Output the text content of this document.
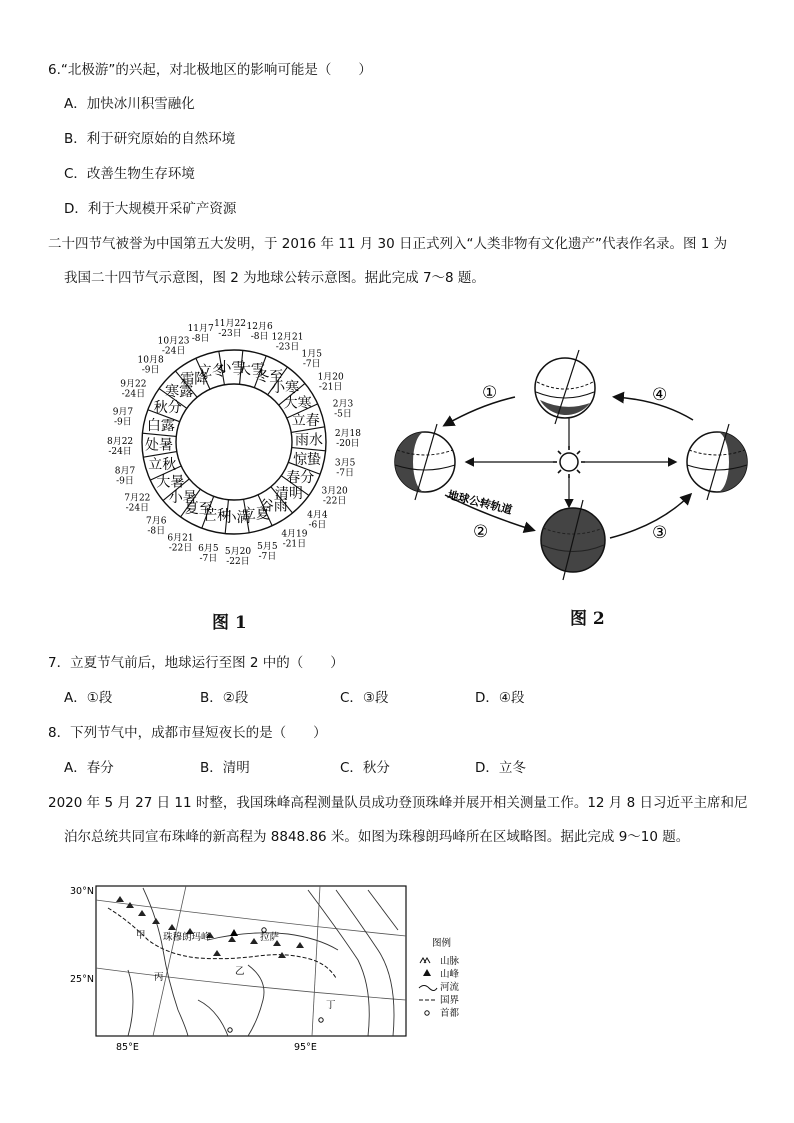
6.“北极游”的兴起，对北极地区的影响可能是（　　）
A．加快冰川积雪融化
B．利于研究原始的自然环境
C．改善生物生存环境
D．利于大规模开采矿产资源
二十四节气被誉为中国第五大发明，于 2016 年 11 月 30 日正式列入“人类非物有文化遗产”代表作名录。图 1 为
我国二十四节气示意图，图 2 为地球公转示意图。据此完成 7～8 题。
立春
2月3 -5日
雨水 2月18 -20日
惊蛰 3月5 -7日
春分
3月20 -22日
清明
4月4 -6日
谷雨
4月19 -21日
立夏
5月5 -7日
小满
5月20 -22日
芒种
6月5 -7日
夏至
6月21 -22日
小暑
7月6 -8日
大暑
7月22 -24日
立秋
8月7 -9日
处暑
8月22 -24日
白露
9月7 -9日
秋分
9月22 -24日 寒露
10月8 -9日
霜降
10月23 -24日
立冬
11月7 -8日
小雪
11月22 -23日
大雪
12月6 -8日
冬至
12月21 -23日
小寒
1月5 -7日
大寒
1月20 -21日
图 1
地球公转轨道
①
②	③
④
图 2
7．立夏节气前后，地球运行至图 2 中的（　　）
A．①段	B．②段	C．③段	D．④段
8．下列节气中，成都市昼短夜长的是（　　）
A．春分	B．清明	C．秋分	D．立冬
2020 年 5 月 27 日 11 时整，我国珠峰高程测量队员成功登顶珠峰并展开相关测量工作。12 月 8 日习近平主席和尼
泊尔总统共同宣布珠峰的新高程为 8848.86 米。如图为珠穆朗玛峰所在区域略图。据此完成 9～10 题。
30°N
25°N
85°E	95°E
甲
乙
丙
丁
珠穆朗玛峰	拉萨
图例
山脉
山峰
河流
国界
首都
